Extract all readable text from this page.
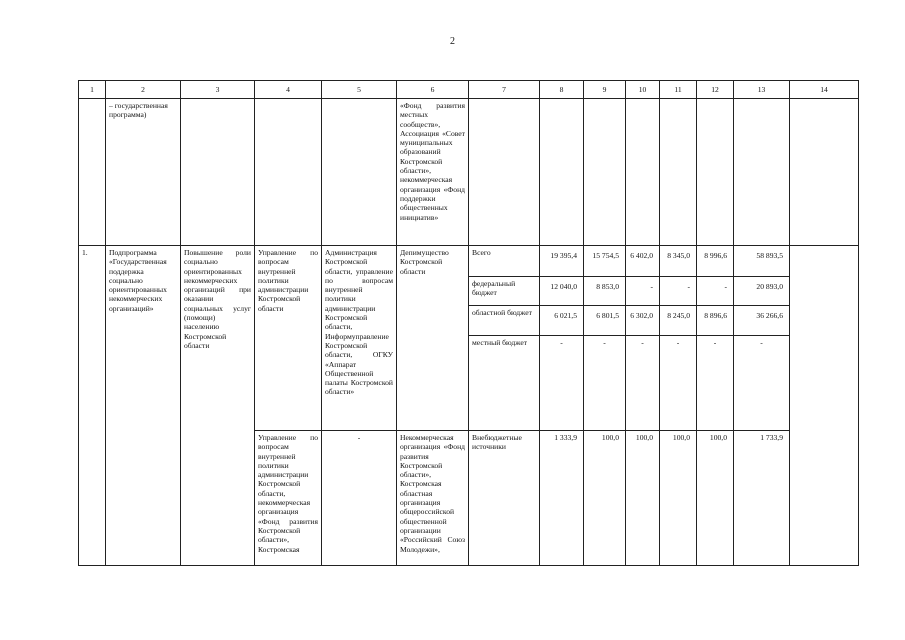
2
1	2	3	4	5	6	7	8	9	10	11	12	13	14
	– государственная программа)				«Фонд развития местных сообществ», Ассоциация «Совет муниципальных образований Костромской области», некоммерческая организация «Фонд поддержки общественных инициатив»								
1.	Подпрограмма «Государственная поддержка социально ориентированных некоммерческих организаций»	Повышение роли социально ориентированных некоммерческих организаций при оказании социальных услуг (помощи) населению Костромской области	Управление по вопросам внутренней политики администрации Костромской области	Администрация Костромской области, управление по вопросам внутренней политики администрации Костромской области, Информуправление Костромской области, ОГКУ «Аппарат Общественной палаты Костромской области»	Депимущество Костромской области	Всего	19 395,4	15 754,5	6 402,0	8 345,0	8 996,6	58 893,5	
						федеральный бюджет	12 040,0	8 853,0	-	-	-	20 893,0	
						областной бюджет	6 021,5	6 801,5	6 302,0	8 245,0	8 896,6	36 266,6	
						местный бюджет	-	-	-	-	-	-	
			Управление по вопросам внутренней политики администрации Костромской области, некоммерческая организация «Фонд развития Костромской области», Костромская	-	Некоммерческая организация «Фонд развития Костромской области», Костромская областная организация общероссийской общественной организации «Российский Союз Молодежи»,	Внебюджетные источники	1 333,9	100,0	100,0	100,0	100,0	1 733,9	
